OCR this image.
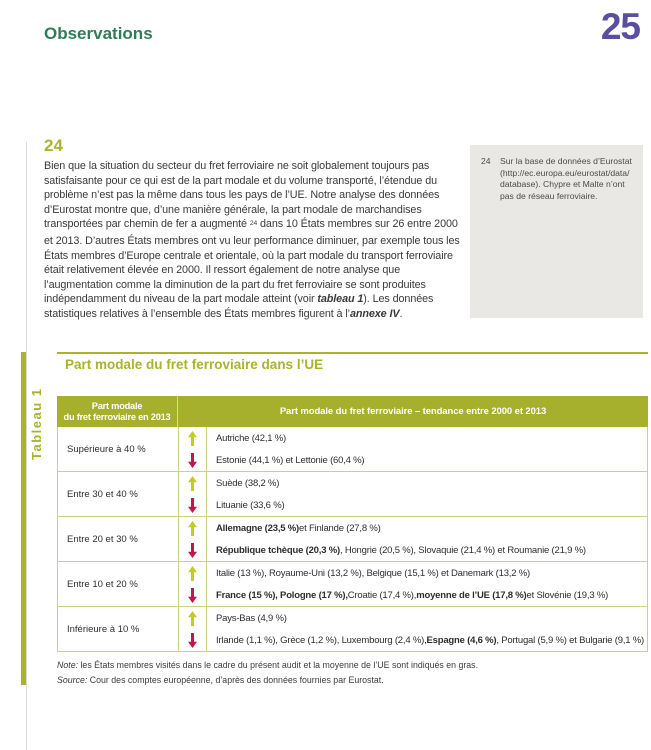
Observations	25
24

Bien que la situation du secteur du fret ferroviaire ne soit globalement toujours pas satisfaisante pour ce qui est de la part modale et du volume transporté, l’étendue du problème n’est pas la même dans tous les pays de l’UE. Notre analyse des données d’Eurostat montre que, d’une manière générale, la part modale de marchandises transportées par chemin de fer a augmenté $^{24}$ dans 10 États membres sur 26 entre 2000 et 2013. D’autres États membres ont vu leur performance diminuer, par exemple tous les États membres d’Europe centrale et orientale, où la part modale du transport ferroviaire était relativement élevée en 2000. Il ressort également de notre analyse que l’augmentation comme la diminution de la part du fret ferroviaire se sont produites indépendamment du niveau de la part modale atteint (voir tableau 1). Les données statistiques relatives à l’ensemble des États membres figurent à l’annexe IV.

24 Sur la base de données d’Eurostat (http://ec.europa.eu/eurostat/data/database). Chypre et Malte n’ont pas de réseau ferroviaire.
Tableau 1
Part modale du fret ferroviaire dans l’UE
Part modale
du fret ferroviaire en 2013	Part modale du fret ferroviaire – tendance entre 2000 et 2013
Supérieure à 40 %
Autriche (42,1 %)
Estonie (44,1 %) et Lettonie (60,4 %)
Entre 30 et 40 %
Suède (38,2 %)
Lituanie (33,6 %)
Entre 20 et 30 %
Allemagne (23,5 %) et Finlande (27,8 %)
République tchèque (20,3 %) , Hongrie (20,5 %), Slovaquie (21,4 %) et Roumanie (21,9 %)
Entre 10 et 20 %
Italie (13 %), Royaume-Uni (13,2 %), Belgique (15,1 %) et Danemark (13,2 %)
France (15 %), Pologne (17 %), Croatie (17,4 %), moyenne de l’UE (17,8 %) et Slovénie (19,3 %)
Inférieure à 10 %
Pays-Bas (4,9 %)
Irlande (1,1 %), Grèce (1,2 %), Luxembourg (2,4 %), Espagne (4,6 %) , Portugal (5,9 %) et Bulgarie (9,1 %)
Note: les États membres visités dans le cadre du présent audit et la moyenne de l’UE sont indiqués en gras.
Source: Cour des comptes européenne, d’après des données fournies par Eurostat.
